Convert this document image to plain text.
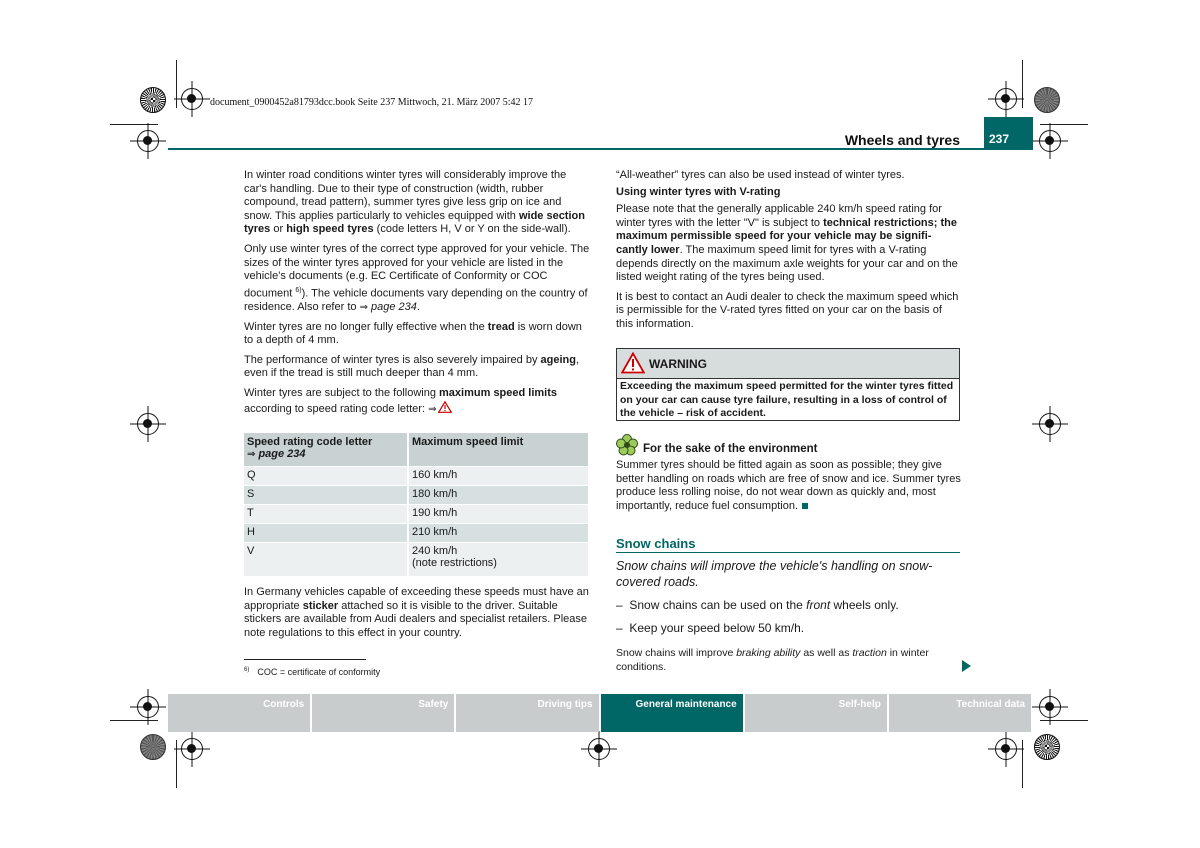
document_0900452a81793dcc.book Seite 237 Mittwoch, 21. März 2007 5:42 17
Wheels and tyres	237

In winter road conditions winter tyres will considerably improve the car's handling. Due to their type of construction (width, rubber compound, tread pattern), summer tyres give less grip on ice and snow. This applies particularly to vehicles equipped with wide section tyres or high speed tyres (code letters H, V or Y on the side-wall).

Only use winter tyres of the correct type approved for your vehicle. The sizes of the winter tyres approved for your vehicle are listed in the vehicle's documents (e.g. EC Certificate of Conformity or COC document $^{6)}$). The vehicle documents vary depending on the country of residence. Also refer to ⇒ page 234.

Winter tyres are no longer fully effective when the tread is worn down to a depth of 4 mm.

The performance of winter tyres is also severely impaired by ageing, even if the tread is still much deeper than 4 mm.

Winter tyres are subject to the following maximum speed limits according to speed rating code letter: ⇒

Speed rating code letter
⇒ page 234	Maximum speed limit
Q	160 km/h
S	180 km/h
T	190 km/h
H	210 km/h
V	240 km/h
(note restrictions)

In Germany vehicles capable of exceeding these speeds must have an appropriate sticker attached so it is visible to the driver. Suitable stickers are available from Audi dealers and specialist retailers. Please note regulations to this effect in your country.

$^{6)}$ COC = certificate of conformity

“All-weather” tyres can also be used instead of winter tyres.

Using winter tyres with V-rating

Please note that the generally applicable 240 km/h speed rating for winter tyres with the letter "V" is subject to technical restrictions; the maximum permissible speed for your vehicle may be signifi-cantly lower. The maximum speed limit for tyres with a V-rating depends directly on the maximum axle weights for your car and on the listed weight rating of the tyres being used.

It is best to contact an Audi dealer to check the maximum speed which is permissible for the V-rated tyres fitted on your car on the basis of this information.

WARNING
Exceeding the maximum speed permitted for the winter tyres fitted on your car can cause tyre failure, resulting in a loss of control of the vehicle – risk of accident.
For the sake of the environment

Summer tyres should be fitted again as soon as possible; they give better handling on roads which are free of snow and ice. Summer tyres produce less rolling noise, do not wear down as quickly and, most importantly, reduce fuel consumption.

Snow chains
Snow chains will improve the vehicle's handling on snow-covered roads.

– Snow chains can be used on the front wheels only.

– Keep your speed below 50 km/h.

Snow chains will improve braking ability as well as traction in winter conditions.

Controls	Safety	Driving tips	General maintenance	Self-help	Technical data
